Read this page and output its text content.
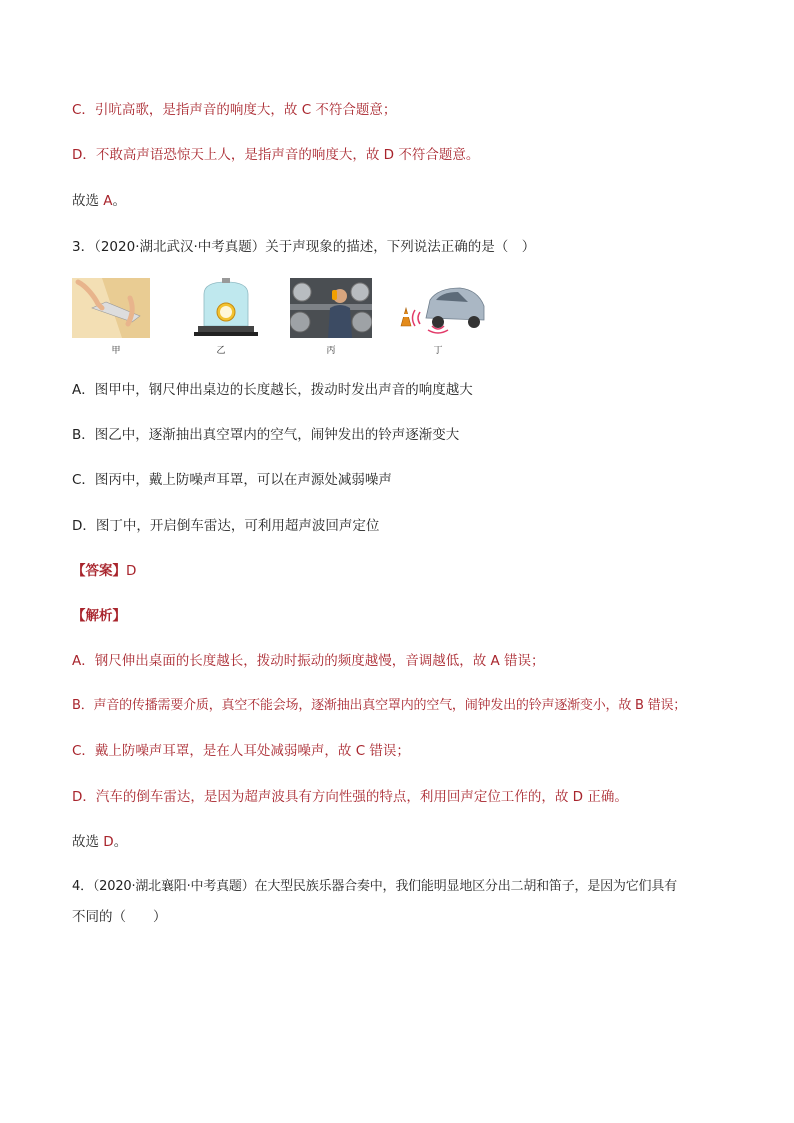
C．引吭高歌，是指声音的响度大，故 C 不符合题意；
D．不敢高声语恐惊天上人，是指声音的响度大，故 D 不符合题意。
故选 A。
3．（2020·湖北武汉·中考真题）关于声现象的描述，下列说法正确的是（　）
甲	乙	丙	丁
A．图甲中，钢尺伸出桌边的长度越长，拨动时发出声音的响度越大
B．图乙中，逐渐抽出真空罩内的空气，闹钟发出的铃声逐渐变大
C．图丙中，戴上防噪声耳罩，可以在声源处减弱噪声
D．图丁中，开启倒车雷达，可利用超声波回声定位
【答案】D
【解析】
A．钢尺伸出桌面的长度越长，拨动时振动的频度越慢，音调越低，故 A 错误；
B．声音的传播需要介质，真空不能会场，逐渐抽出真空罩内的空气，闹钟发出的铃声逐渐变小，故 B 错误；
C．戴上防噪声耳罩，是在人耳处减弱噪声，故 C 错误；
D．汽车的倒车雷达，是因为超声波具有方向性强的特点，利用回声定位工作的，故 D 正确。
故选 D。
4．（2020·湖北襄阳·中考真题）在大型民族乐器合奏中，我们能明显地区分出二胡和笛子，是因为它们具有
不同的（　　）
